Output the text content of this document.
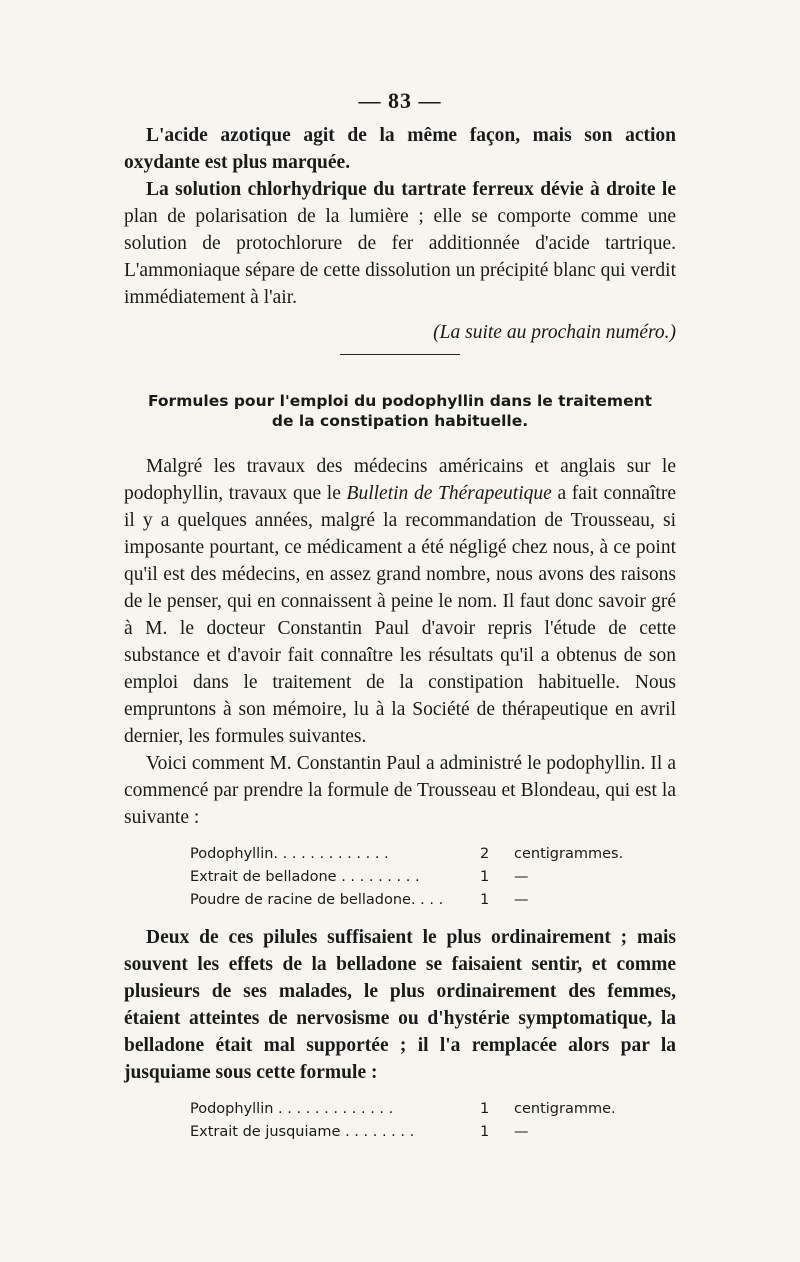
— 83 —

L'acide azotique agit de la même façon, mais son action oxydante est plus marquée.

La solution chlorhydrique du tartrate ferreux dévie à droite le plan de polarisation de la lumière ; elle se comporte comme une solution de protochlorure de fer additionnée d'acide tartrique. L'ammoniaque sépare de cette dissolution un précipité blanc qui verdit immédiatement à l'air.

(La suite au prochain numéro.)

Formules pour l'emploi du podophyllin dans le traitement
de la constipation habituelle.

Malgré les travaux des médecins américains et anglais sur le podophyllin, travaux que le Bulletin de Thérapeutique a fait connaître il y a quelques années, malgré la recommandation de Trousseau, si imposante pourtant, ce médicament a été négligé chez nous, à ce point qu'il est des médecins, en assez grand nombre, nous avons des raisons de le penser, qui en connaissent à peine le nom. Il faut donc savoir gré à M. le docteur Constantin Paul d'avoir repris l'étude de cette substance et d'avoir fait connaître les résultats qu'il a obtenus de son emploi dans le traitement de la constipation habituelle. Nous empruntons à son mémoire, lu à la Société de thérapeutique en avril dernier, les formules suivantes.

Voici comment M. Constantin Paul a administré le podophyllin. Il a commencé par prendre la formule de Trousseau et Blondeau, qui est la suivante :

Podophyllin. . . . . . . . . . . . .	2	centigrammes.
Extrait de belladone . . . . . . . . .	1	—
Poudre de racine de belladone. . . .	1	—

Deux de ces pilules suffisaient le plus ordinairement ; mais souvent les effets de la belladone se faisaient sentir, et comme plusieurs de ses malades, le plus ordinairement des femmes, étaient atteintes de nervosisme ou d'hystérie symptomatique, la belladone était mal supportée ; il l'a remplacée alors par la jusquiame sous cette formule :

Podophyllin . . . . . . . . . . . . .	1	centigramme.
Extrait de jusquiame . . . . . . . .	1	—
